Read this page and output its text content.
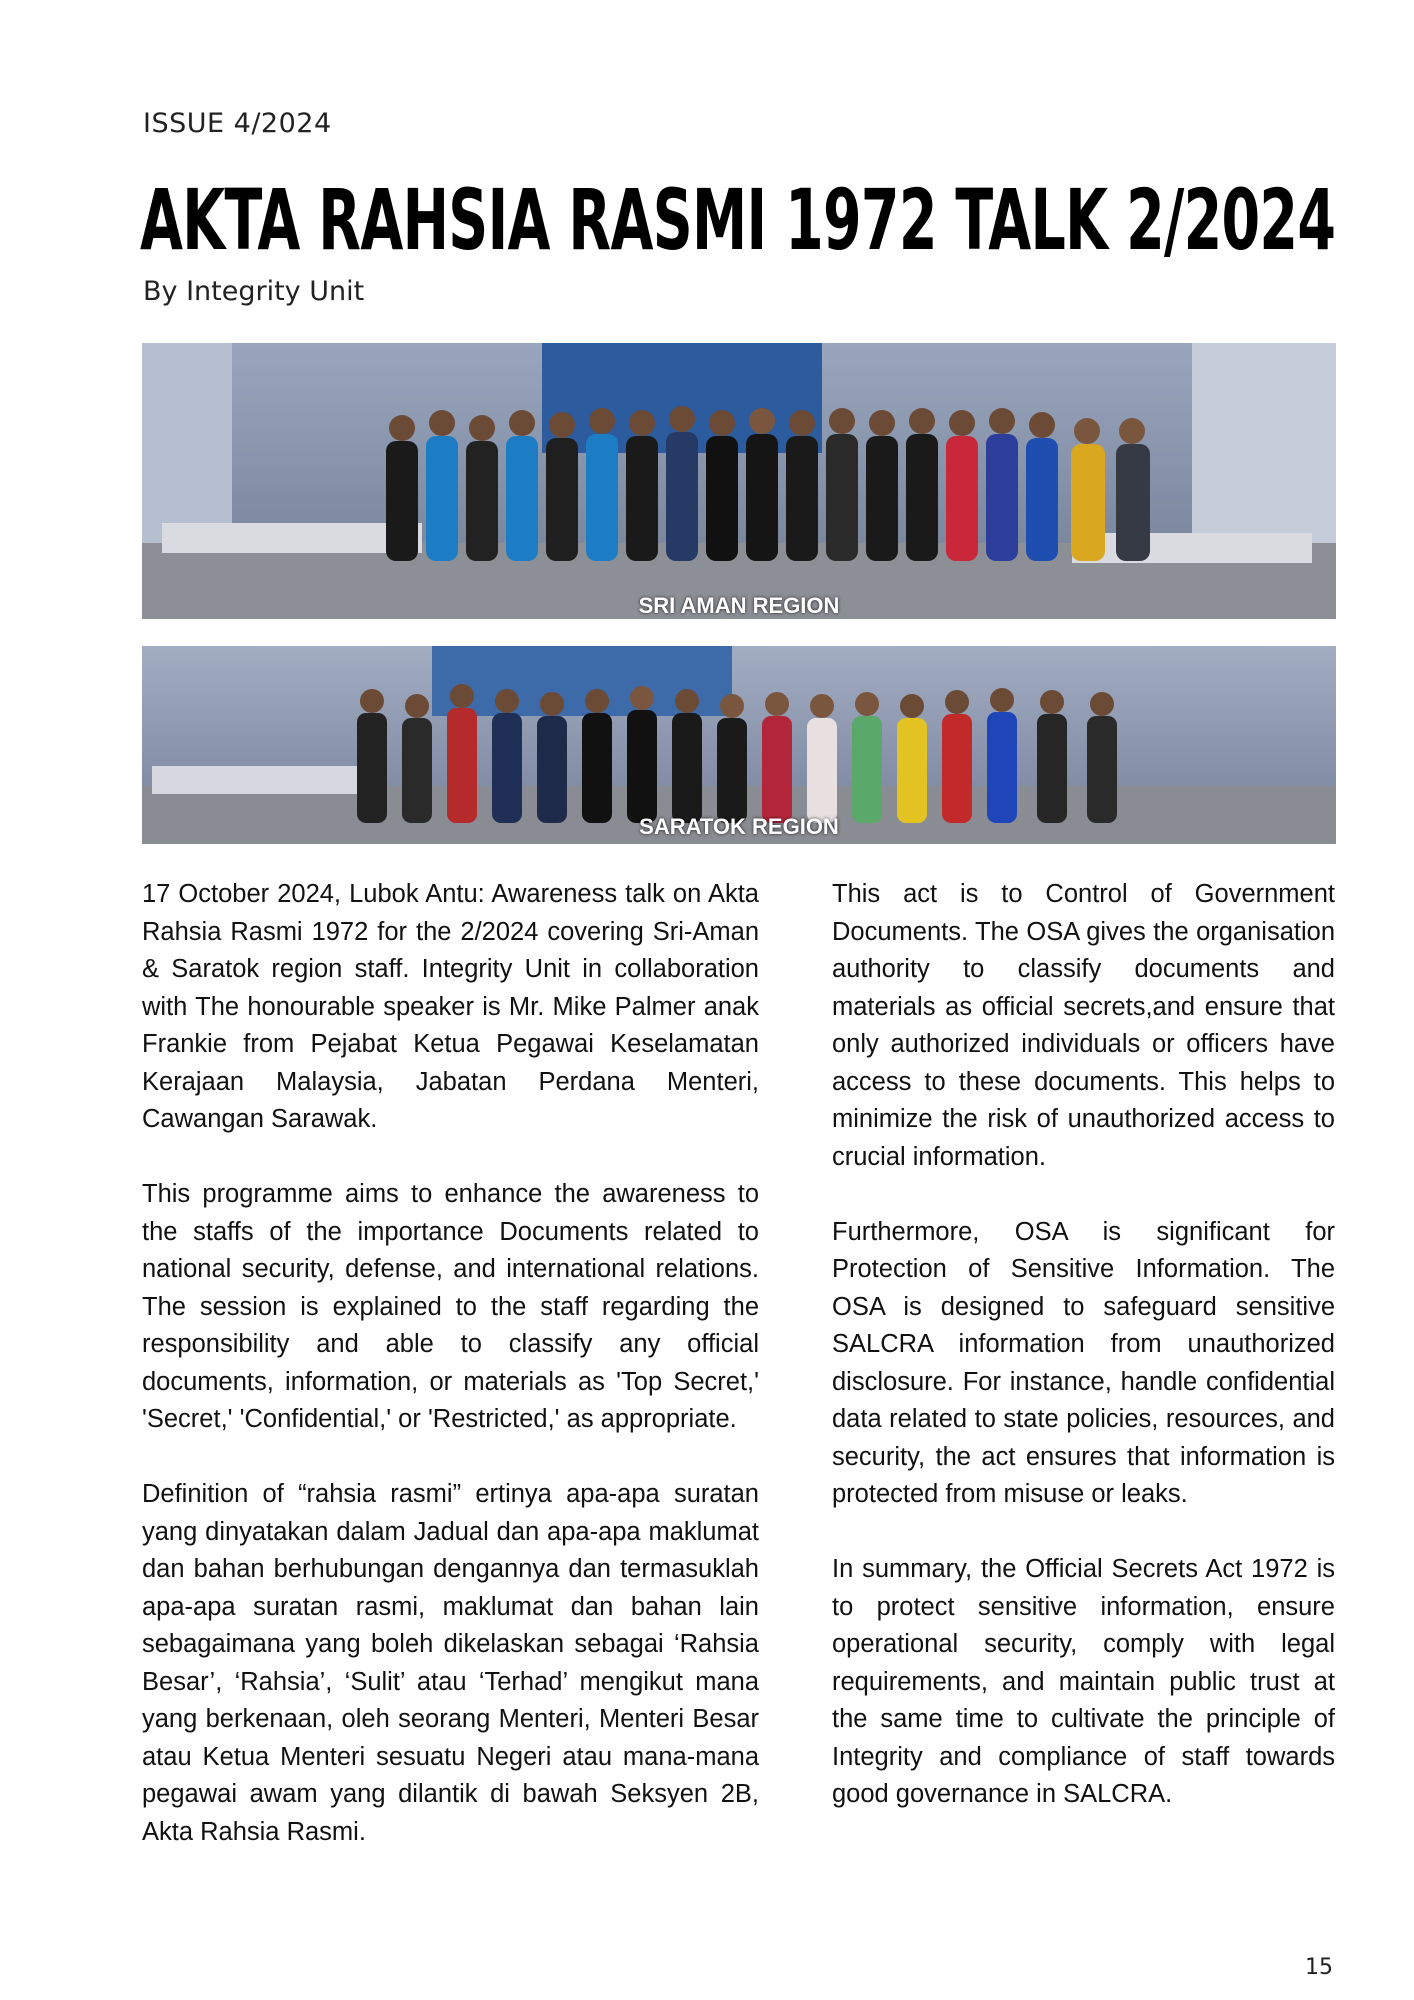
ISSUE 4/2024
AKTA RAHSIA RASMI 1972 TALK 2/2024
By Integrity Unit
SRI AMAN REGION
SARATOK REGION

17 October 2024, Lubok Antu: Awareness talk on Akta Rahsia Rasmi 1972 for the 2/2024 covering Sri-Aman & Saratok region staff. Integrity Unit in collaboration with The honourable speaker is Mr. Mike Palmer anak Frankie from Pejabat Ketua Pegawai Keselamatan Kerajaan Malaysia, Jabatan Perdana Menteri, Cawangan Sarawak.

This programme aims to enhance the awareness to the staffs of the importance Documents related to national security, defense, and international relations. The session is explained to the staff regarding the responsibility and able to classify any official documents, information, or materials as 'Top Secret,' 'Secret,' 'Confidential,' or 'Restricted,' as appropriate.

Definition of “rahsia rasmi” ertinya apa-apa suratan yang dinyatakan dalam Jadual dan apa-apa maklumat dan bahan berhubungan dengannya dan termasuklah apa-apa suratan rasmi, maklumat dan bahan lain sebagaimana yang boleh dikelaskan sebagai ‘Rahsia Besar’, ‘Rahsia’, ‘Sulit’ atau ‘Terhad’ mengikut mana yang berkenaan, oleh seorang Menteri, Menteri Besar atau Ketua Menteri sesuatu Negeri atau mana-mana pegawai awam yang dilantik di bawah Seksyen 2B, Akta Rahsia Rasmi.

This act is to Control of Government Documents. The OSA gives the organisation authority to classify documents and materials as official secrets,and ensure that only authorized individuals or officers have access to these documents. This helps to minimize the risk of unauthorized access to crucial information.

Furthermore, OSA is significant for Protection of Sensitive Information. The OSA is designed to safeguard sensitive SALCRA information from unauthorized disclosure. For instance, handle confidential data related to state policies, resources, and security, the act ensures that information is protected from misuse or leaks.

In summary, the Official Secrets Act 1972 is to protect sensitive information, ensure operational security, comply with legal requirements, and maintain public trust at the same time to cultivate the principle of Integrity and compliance of staff towards good governance in SALCRA.

15
